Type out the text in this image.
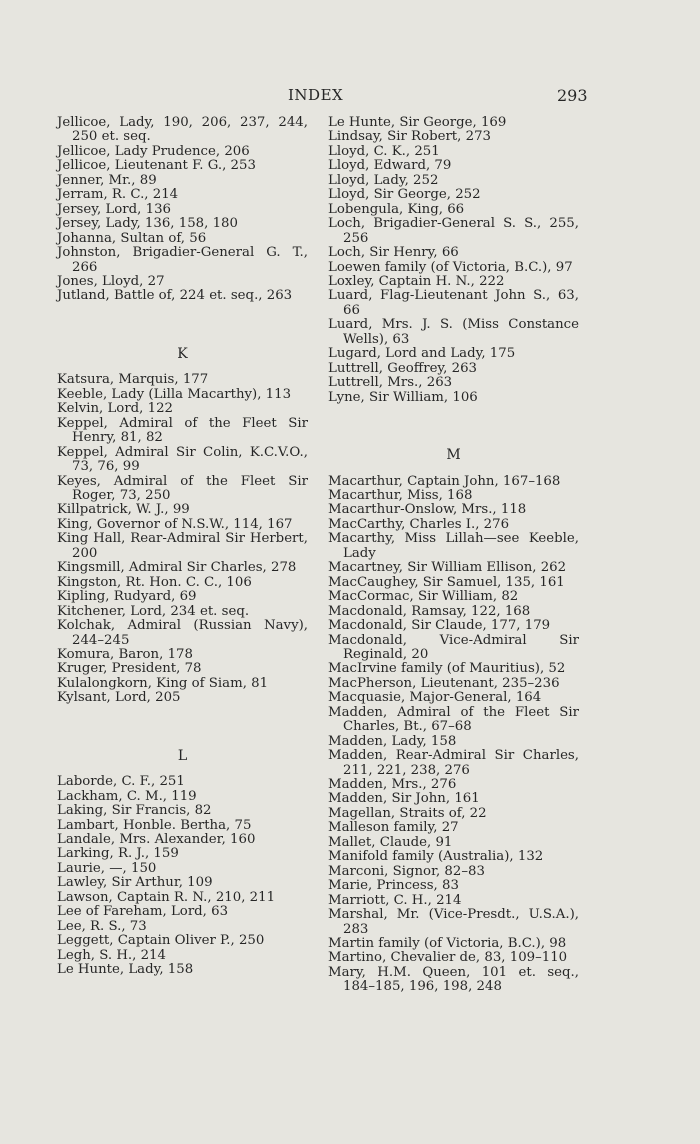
INDEX	293
Jellicoe, Lady, 190, 206, 237, 244, 250 et. seq.
Jellicoe, Lady Prudence, 206
Jellicoe, Lieutenant F. G., 253
Jenner, Mr., 89
Jerram, R. C., 214
Jersey, Lord, 136
Jersey, Lady, 136, 158, 180
Johanna, Sultan of, 56
Johnston, Brigadier-General G. T., 266
Jones, Lloyd, 27
Jutland, Battle of, 224 et. seq., 263
K
Katsura, Marquis, 177
Keeble, Lady (Lilla Macarthy), 113
Kelvin, Lord, 122
Keppel, Admiral of the Fleet Sir Henry, 81, 82
Keppel, Admiral Sir Colin, K.C.V.O., 73, 76, 99
Keyes, Admiral of the Fleet Sir Roger, 73, 250
Killpatrick, W. J., 99
King, Governor of N.S.W., 114, 167
King Hall, Rear-Admiral Sir Herbert, 200
Kingsmill, Admiral Sir Charles, 278
Kingston, Rt. Hon. C. C., 106
Kipling, Rudyard, 69
Kitchener, Lord, 234 et. seq.
Kolchak, Admiral (Russian Navy), 244–245
Komura, Baron, 178
Kruger, President, 78
Kulalongkorn, King of Siam, 81
Kylsant, Lord, 205
L
Laborde, C. F., 251
Lackham, C. M., 119
Laking, Sir Francis, 82
Lambart, Honble. Bertha, 75
Landale, Mrs. Alexander, 160
Larking, R. J., 159
Laurie, —, 150
Lawley, Sir Arthur, 109
Lawson, Captain R. N., 210, 211
Lee of Fareham, Lord, 63
Lee, R. S., 73
Leggett, Captain Oliver P., 250
Legh, S. H., 214
Le Hunte, Lady, 158
Le Hunte, Sir George, 169
Lindsay, Sir Robert, 273
Lloyd, C. K., 251
Lloyd, Edward, 79
Lloyd, Lady, 252
Lloyd, Sir George, 252
Lobengula, King, 66
Loch, Brigadier-General S. S., 255, 256
Loch, Sir Henry, 66
Loewen family (of Victoria, B.C.), 97
Loxley, Captain H. N., 222
Luard, Flag-Lieutenant John S., 63, 66
Luard, Mrs. J. S. (Miss Constance Wells), 63
Lugard, Lord and Lady, 175
Luttrell, Geoffrey, 263
Luttrell, Mrs., 263
Lyne, Sir William, 106
M
Macarthur, Captain John, 167–168
Macarthur, Miss, 168
Macarthur-Onslow, Mrs., 118
MacCarthy, Charles I., 276
Macarthy, Miss Lillah—see Keeble, Lady
Macartney, Sir William Ellison, 262
MacCaughey, Sir Samuel, 135, 161
MacCormac, Sir William, 82
Macdonald, Ramsay, 122, 168
Macdonald, Sir Claude, 177, 179
Macdonald, Vice-Admiral Sir Reginald, 20
MacIrvine family (of Mauritius), 52
MacPherson, Lieutenant, 235–236
Macquasie, Major-General, 164
Madden, Admiral of the Fleet Sir Charles, Bt., 67–68
Madden, Lady, 158
Madden, Rear-Admiral Sir Charles, 211, 221, 238, 276
Madden, Mrs., 276
Madden, Sir John, 161
Magellan, Straits of, 22
Malleson family, 27
Mallet, Claude, 91
Manifold family (Australia), 132
Marconi, Signor, 82–83
Marie, Princess, 83
Marriott, C. H., 214
Marshal, Mr. (Vice-Presdt., U.S.A.), 283
Martin family (of Victoria, B.C.), 98
Martino, Chevalier de, 83, 109–110
Mary, H.M. Queen, 101 et. seq., 184–185, 196, 198, 248
